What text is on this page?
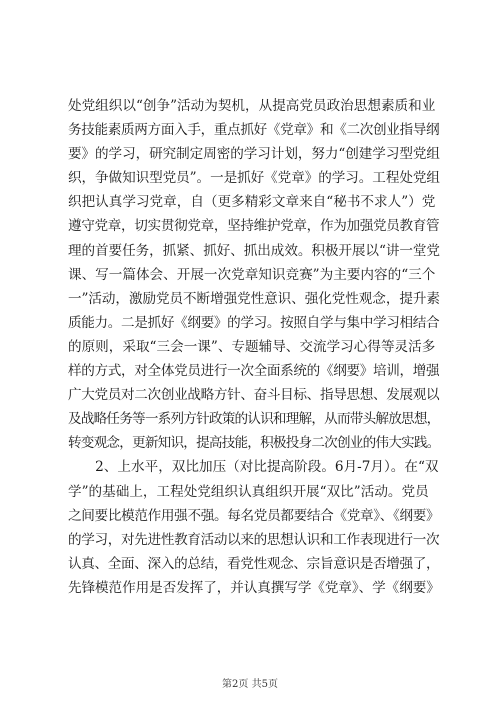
处党组织以“创争”活动为契机，从提高党员政治思想素质和业
务技能素质两方面入手，重点抓好《党章》和《二次创业指导纲
要》的学习，研究制定周密的学习计划，努力“创建学习型党组
织，争做知识型党员”。一是抓好《党章》的学习。工程处党组
织把认真学习党章，自（更多精彩文章来自“秘书不求人”）党
遵守党章，切实贯彻党章，坚持维护党章，作为加强党员教育管
理的首要任务，抓紧、抓好、抓出成效。积极开展以“讲一堂党
课、写一篇体会、开展一次党章知识竞赛”为主要内容的“三个
一”活动，激励党员不断增强党性意识、强化党性观念，提升素
质能力。二是抓好《纲要》的学习。按照自学与集中学习相结合
的原则，采取“三会一课”、专题辅导、交流学习心得等灵活多
样的方式，对全体党员进行一次全面系统的《纲要》培训，增强
广大党员对二次创业战略方针、奋斗目标、指导思想、发展观以
及战略任务等一系列方针政策的认识和理解，从而带头解放思想，
转变观念，更新知识，提高技能，积极投身二次创业的伟大实践。
　　2、上水平，双比加压（对比提高阶段。6月-7月）。在“双
学”的基础上，工程处党组织认真组织开展“双比”活动。党员
之间要比模范作用强不强。每名党员都要结合《党章》、《纲要》
的学习，对先进性教育活动以来的思想认识和工作表现进行一次
认真、全面、深入的总结，看党性观念、宗旨意识是否增强了，
先锋模范作用是否发挥了，并认真撰写学《党章》、学《纲要》
第2页 共5页
